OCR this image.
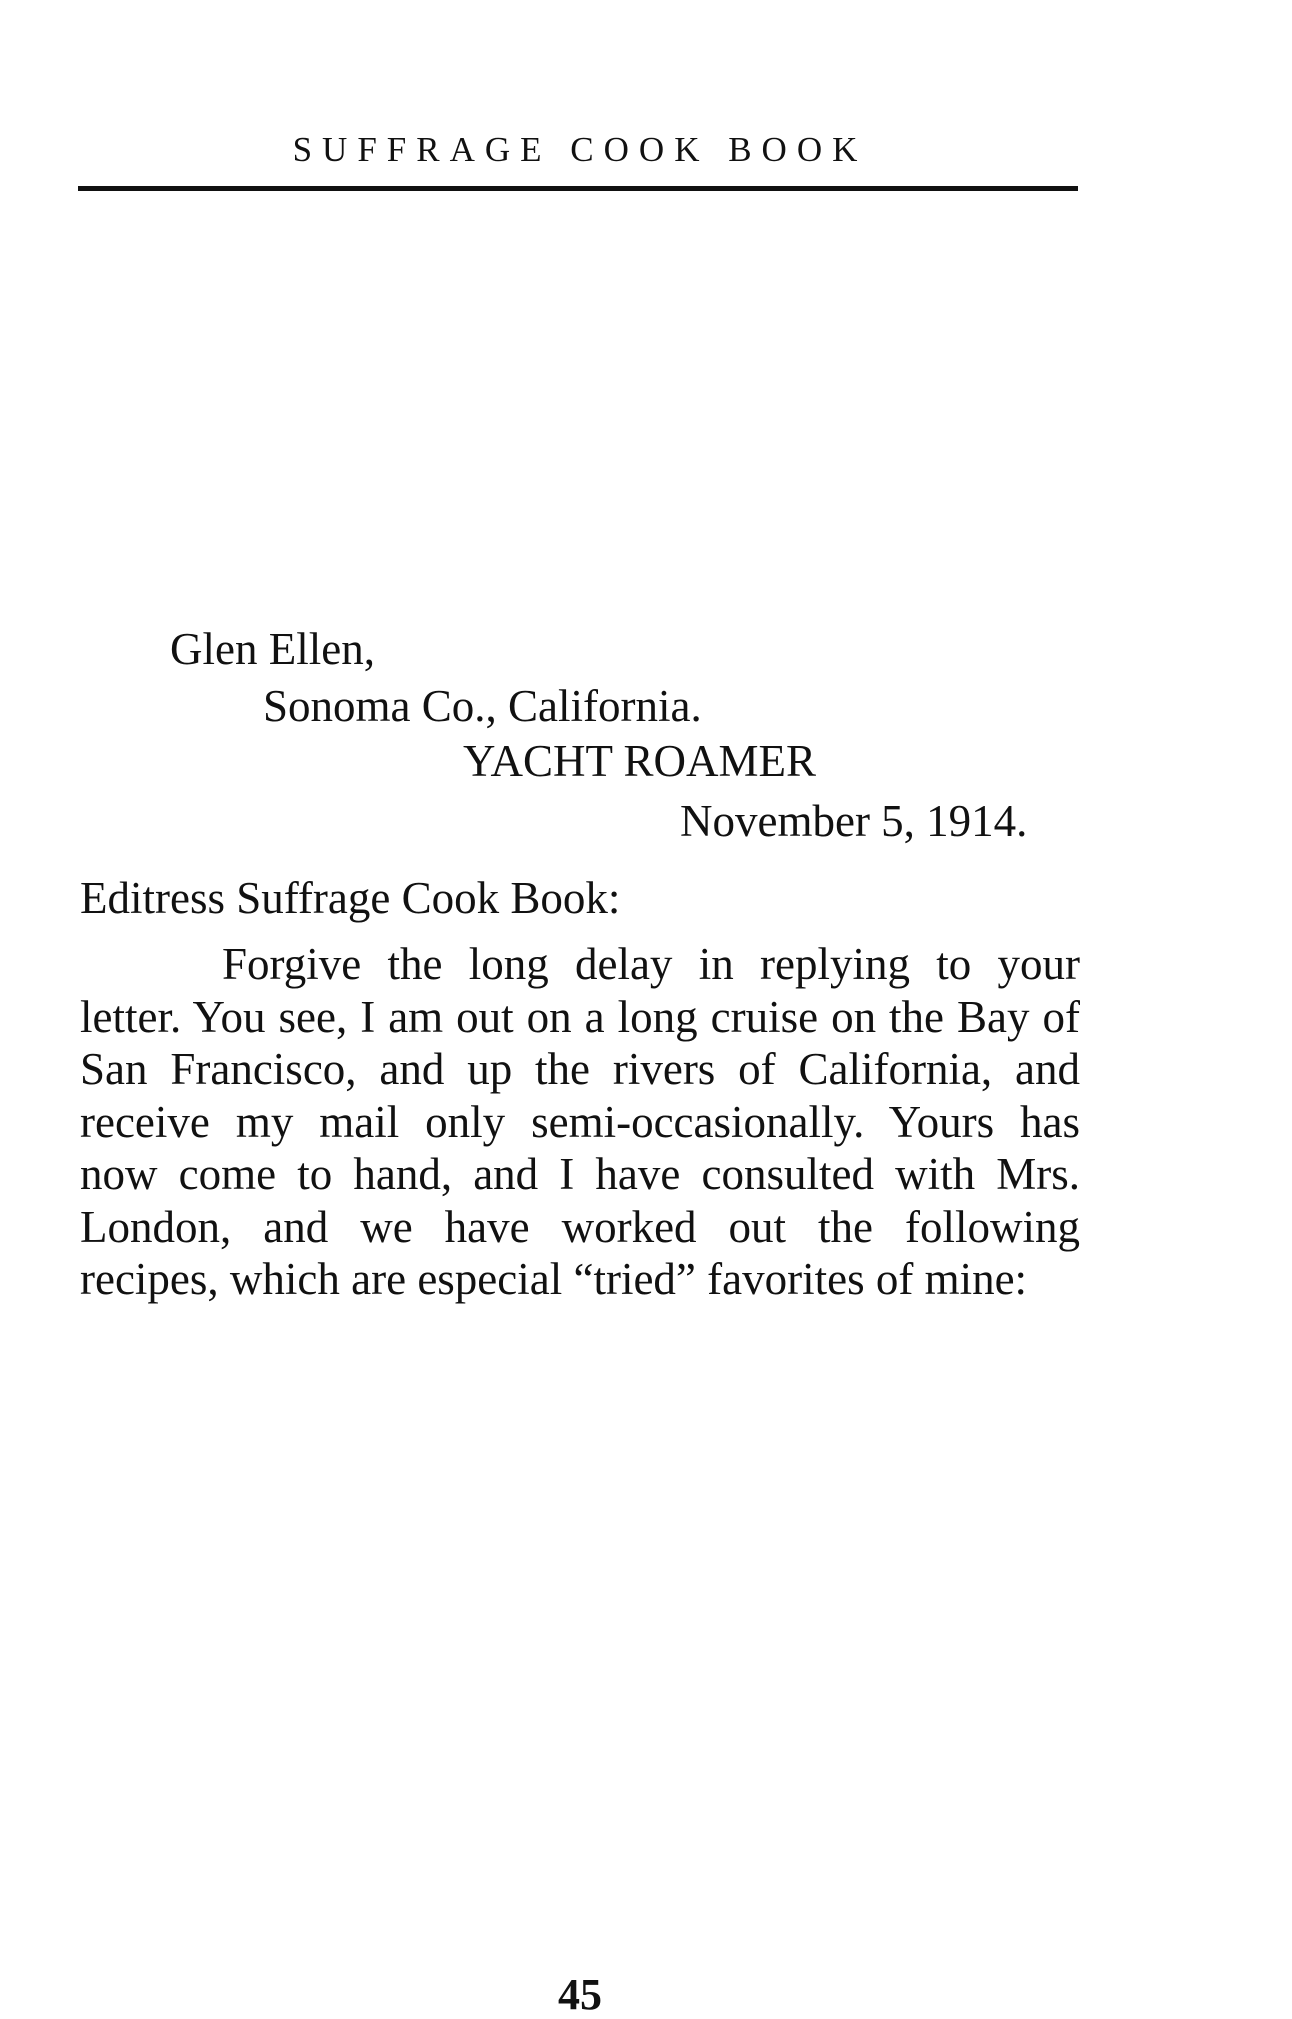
SUFFRAGE COOK BOOK
Glen Ellen,
Sonoma Co., California.
YACHT ROAMER
November 5, 1914.
Editress Suffrage Cook Book:
Forgive the long delay in replying to your letter. You see, I am out on a long cruise on the Bay of San Francisco, and up the rivers of California, and receive my mail only semi-occasionally. Yours has now come to hand, and I have consulted with Mrs. London, and we have worked out the following recipes, which are especial “tried” favorites of mine:
45
